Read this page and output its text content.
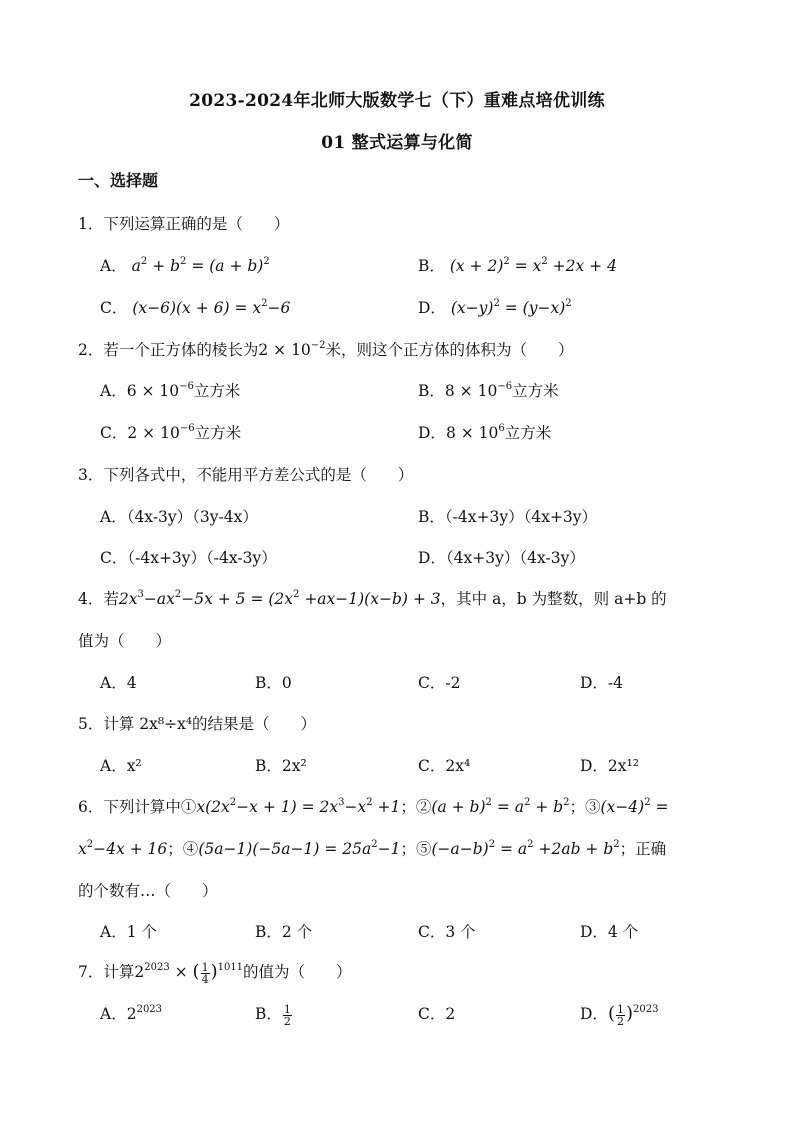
2023-2024年北师大版数学七（下）重难点培优训练
01 整式运算与化简
一、选择题
1．下列运算正确的是（　　）
A． $a^2 + b^2 = (a + b)^2$	B． $(x + 2)^2 = x^2 +2x + 4$
C． $(x-6)(x + 6) = x^2-6$	D． $(x-y)^2 = (y-x)^2$
2．若一个正方体的棱长为$2 \times 10^{-2}$米，则这个正方体的体积为（　　）
A．$6 \times 10^{-6}$立方米	B．$8 \times 10^{-6}$立方米
C．$2 \times 10^{-6}$立方米	D．$8 \times 10^6$立方米
3．下列各式中，不能用平方差公式的是（　　）
A．（4x-3y）（3y-4x）	B．（-4x+3y）（4x+3y）
C．（-4x+3y）（-4x-3y）	D．（4x+3y）（4x-3y）
4．若$2x^3-ax^2-5x + 5 = (2x^2 +ax-1)(x-b) + 3$，其中 a，b 为整数，则 a+b 的
值为（　　）
A．4	B．0	C．-2	D．-4
5．计算 2x⁸÷x⁴的结果是（　　）
A．x²	B．2x²	C．2x⁴	D．2x¹²
6．下列计算中$①x(2x^2-x + 1) = 2x^3-x^2 +1$；②(a + $b)^2 = a^2 + b^2$；$③(x-4)^2$ =
$x^2-4x + 16$；④(5a−1)(−5a−1) = $25a^2-1$；$⑤(-a-b)^2 = a^2 +2ab + b^2$；正确
的个数有…（　　）
A．1 个	B．2 个	C．3 个	D．4 个
7．计算$2^{2023}$ × ( $\frac{1}{4} )^{1011}$的值为（　　）
A．$2^{2023}$	B． $\frac{1}{2}$	C．2	D．( $\frac{1}{2} )^{2023}$
